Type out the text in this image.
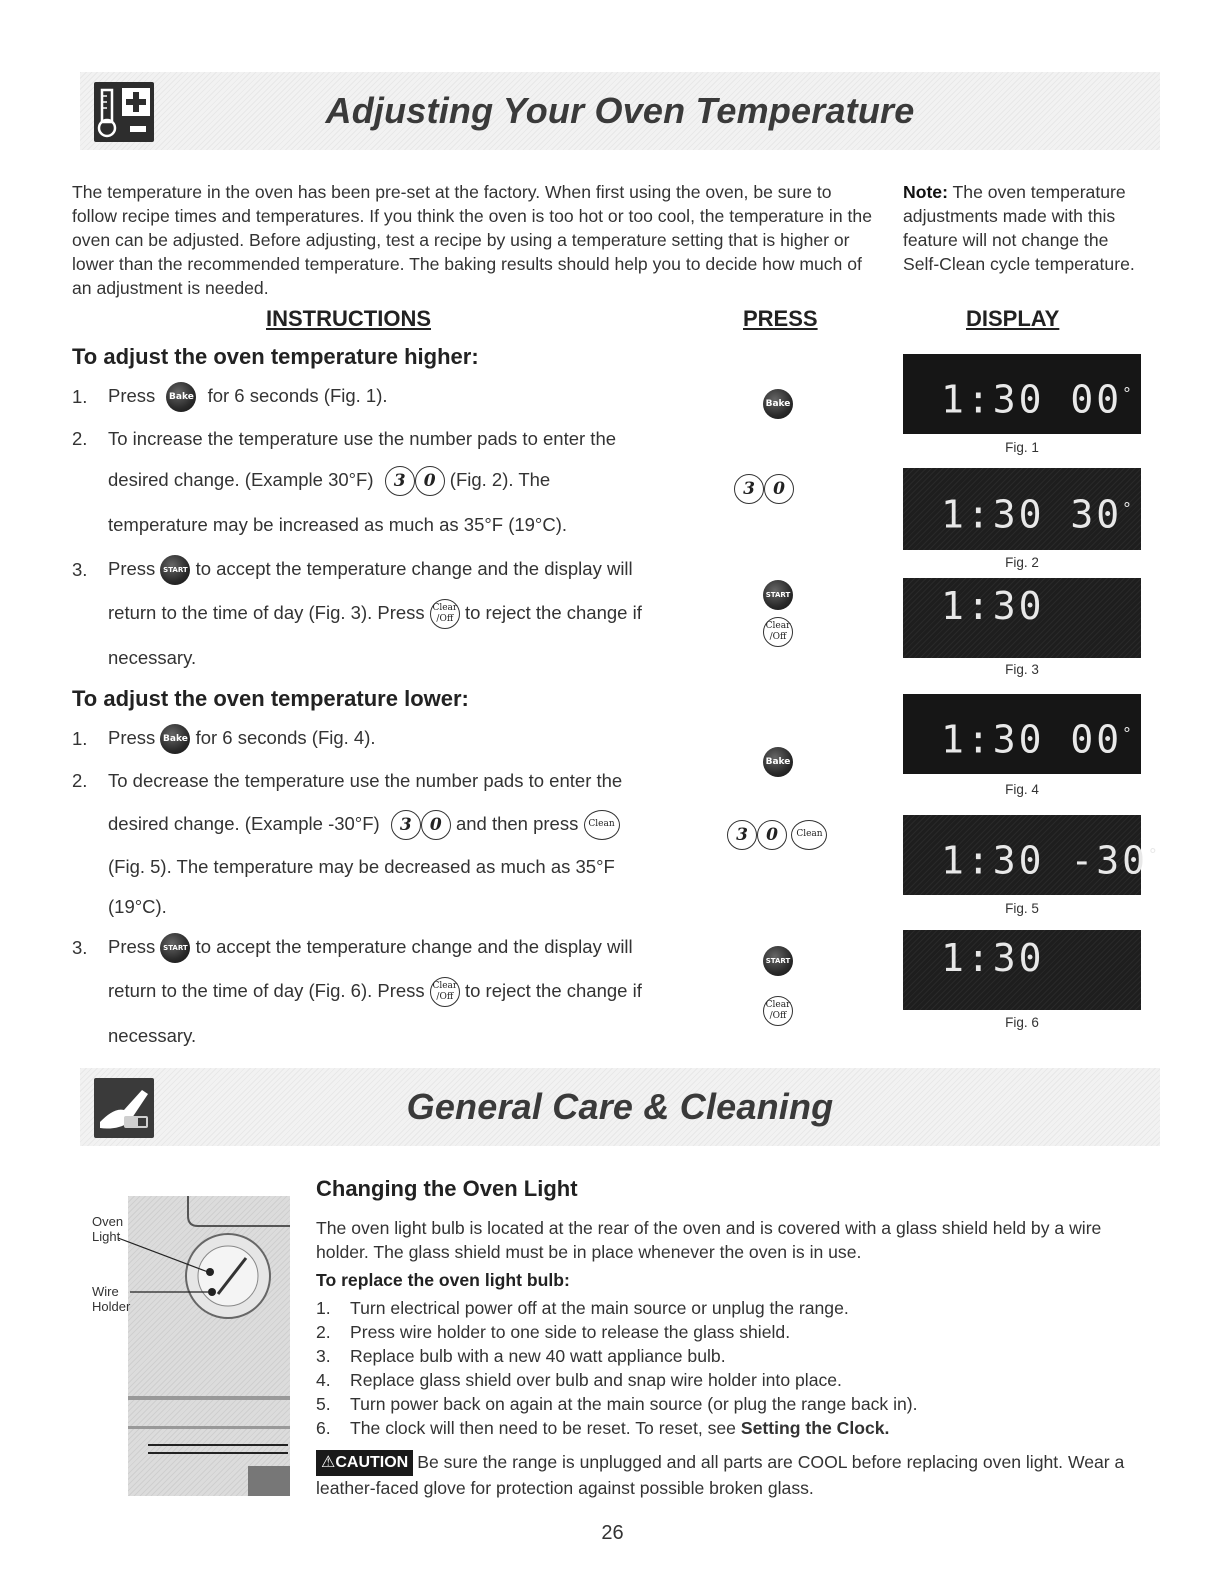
Adjusting Your Oven Temperature
The temperature in the oven has been pre-set at the factory. When first using the oven, be sure to follow recipe times and temperatures. If you think the oven is too hot or too cool, the temperature in the oven can be adjusted. Before adjusting, test a recipe by using a temperature setting that is higher or lower than the recommended temperature. The baking results should help you to decide how much of an adjustment is needed.
Note: The oven temperature adjustments made with this feature will not change the Self-Clean cycle temperature.
INSTRUCTIONS	PRESS	DISPLAY
To adjust the oven temperature higher:
1. Press Bake for 6 seconds (Fig. 1).
2. To increase the temperature use the number pads to enter the
desired change. (Example 30°F) 3 0 (Fig. 2). The
temperature may be increased as much as 35°F (19°C).
3. Press START to accept the temperature change and the display will
return to the time of day (Fig. 3). Press Clear
/Off to reject the change if
necessary.
To adjust the oven temperature lower:
1. Press Bake for 6 seconds (Fig. 4).
2. To decrease the temperature use the number pads to enter the
desired change. (Example -30°F) 3 0 and then press Clean
(Fig. 5). The temperature may be decreased as much as 35°F
(19°C).
3. Press START to accept the temperature change and the display will
return to the time of day (Fig. 6). Press Clear
/Off to reject the change if
necessary.
Bake
3 0
START
Clear
/Off
Bake
3 0 Clean
START
Clear
/Off
1:30 00°
Fig. 1
1:30 30°
Fig. 2
1:30
Fig. 3
1:30 00°
Fig. 4
1:30 -30°
Fig. 5
1:30
Fig. 6
General Care & Cleaning
Oven
Light
Wire
Holder
Changing the Oven Light
The oven light bulb is located at the rear of the oven and is covered with a glass shield held by a wire holder. The glass shield must be in place whenever the oven is in use.
To replace the oven light bulb:
1. Turn electrical power off at the main source or unplug the range.
2. Press wire holder to one side to release the glass shield.
3. Replace bulb with a new 40 watt appliance bulb.
4. Replace glass shield over bulb and snap wire holder into place.
5. Turn power back on again at the main source (or plug the range back in).
6. The clock will then need to be reset. To reset, see Setting the Clock.
⚠CAUTION Be sure the range is unplugged and all parts are COOL before replacing oven light. Wear a leather-faced glove for protection against possible broken glass.
26
